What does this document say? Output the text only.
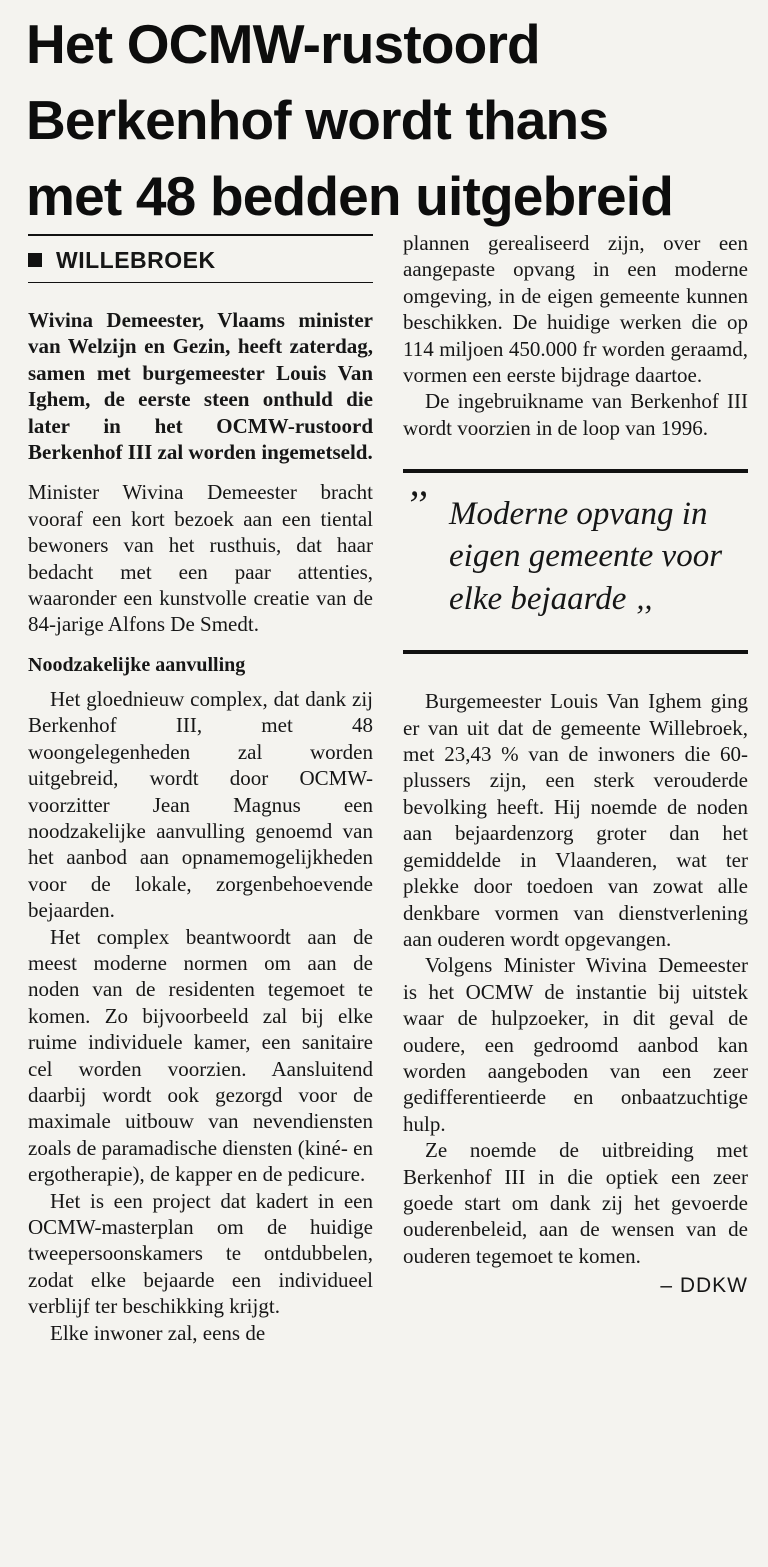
Het OCMW-rustoord
Berkenhof wordt thans
met 48 bedden uitgebreid
WILLEBROEK

Wivina Demeester, Vlaams minister van Welzijn en Gezin, heeft zaterdag, samen met burgemeester Louis Van Ighem, de eerste steen onthuld die later in het OCMW-rustoord Berkenhof III zal worden ingemetseld.

Minister Wivina Demeester bracht vooraf een kort bezoek aan een tiental bewoners van het rusthuis, dat haar bedacht met een paar attenties, waaronder een kunstvolle creatie van de 84-jarige Alfons De Smedt.

Noodzakelijke aanvulling

Het gloednieuw complex, dat dank zij Berkenhof III, met 48 woongelegenheden zal worden uitgebreid, wordt door OCMW-voorzitter Jean Magnus een noodzakelijke aanvulling genoemd van het aanbod aan opnamemogelijkheden voor de lokale, zorgenbehoevende bejaarden.

Het complex beantwoordt aan de meest moderne normen om aan de noden van de residenten tegemoet te komen. Zo bijvoorbeeld zal bij elke ruime individuele kamer, een sanitaire cel worden voorzien. Aansluitend daarbij wordt ook gezorgd voor de maximale uitbouw van nevendiensten zoals de paramadische diensten (kiné- en ergotherapie), de kapper en de pedicure.

Het is een project dat kadert in een OCMW-masterplan om de huidige tweepersoonskamers te ontdubbelen, zodat elke bejaarde een individueel verblijf ter beschikking krijgt.

Elke inwoner zal, eens de

plannen gerealiseerd zijn, over een aangepaste opvang in een moderne omgeving, in de eigen gemeente kunnen beschikken. De huidige werken die op 114 miljoen 450.000 fr worden geraamd, vormen een eerste bijdrage daartoe.

De ingebruikname van Berkenhof III wordt voorzien in de loop van 1996.

’’ Moderne opvang in eigen gemeente voor elke bejaarde ,,

Burgemeester Louis Van Ighem ging er van uit dat de gemeente Willebroek, met 23,43 % van de inwoners die 60-plussers zijn, een sterk verouderde bevolking heeft. Hij noemde de noden aan bejaardenzorg groter dan het gemiddelde in Vlaanderen, wat ter plekke door toedoen van zowat alle denkbare vormen van dienstverlening aan ouderen wordt opgevangen.

Volgens Minister Wivina Demeester is het OCMW de instantie bij uitstek waar de hulpzoeker, in dit geval de oudere, een gedroomd aanbod kan worden aangeboden van een zeer gedifferentieerde en onbaatzuchtige hulp.

Ze noemde de uitbreiding met Berkenhof III in die optiek een zeer goede start om dank zij het gevoerde ouderenbeleid, aan de wensen van de ouderen tegemoet te komen.

– DDKW
